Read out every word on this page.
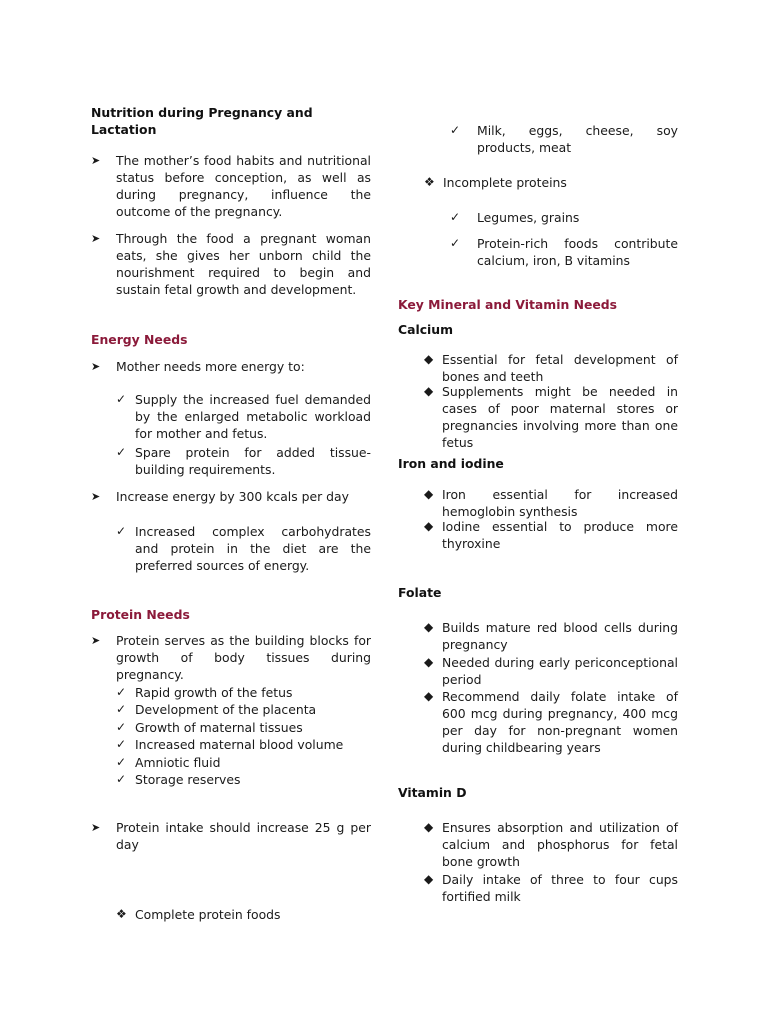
Nutrition during Pregnancy and Lactation
➤	The mother’s food habits and nutritional status before conception, as well as during pregnancy, influence the outcome of the pregnancy.
➤	Through the food a pregnant woman eats, she gives her unborn child the nourishment required to begin and sustain fetal growth and development.
Energy Needs
➤	Mother needs more energy to:
✓ Supply the increased fuel demanded by the enlarged metabolic workload for mother and fetus.
✓ Spare protein for added tissue-building requirements.
➤	Increase energy by 300 kcals per day
✓ Increased complex carbohydrates and protein in the diet are the preferred sources of energy.
Protein Needs
➤	Protein serves as the building blocks for growth of body tissues during pregnancy.
✓ Rapid growth of the fetus
✓ Development of the placenta
✓ Growth of maternal tissues
✓ Increased maternal blood volume
✓ Amniotic fluid
✓ Storage reserves
➤	Protein intake should increase 25 g per day
❖ Complete protein foods
✓	Milk, eggs, cheese, soy products, meat
❖ Incomplete proteins
✓	Legumes, grains
✓	Protein-rich foods contribute calcium, iron, B vitamins
Key Mineral and Vitamin Needs
Calcium
◆ Essential for fetal development of bones and teeth
◆ Supplements might be needed in cases of poor maternal stores or pregnancies involving more than one fetus
Iron and iodine
◆ Iron essential for increased hemoglobin synthesis
◆ Iodine essential to produce more thyroxine
Folate
◆ Builds mature red blood cells during pregnancy
◆ Needed during early periconceptional period
◆ Recommend daily folate intake of 600 mcg during pregnancy, 400 mcg per day for non-pregnant women during childbearing years
Vitamin D
◆ Ensures absorption and utilization of calcium and phosphorus for fetal bone growth
◆ Daily intake of three to four cups fortified milk
